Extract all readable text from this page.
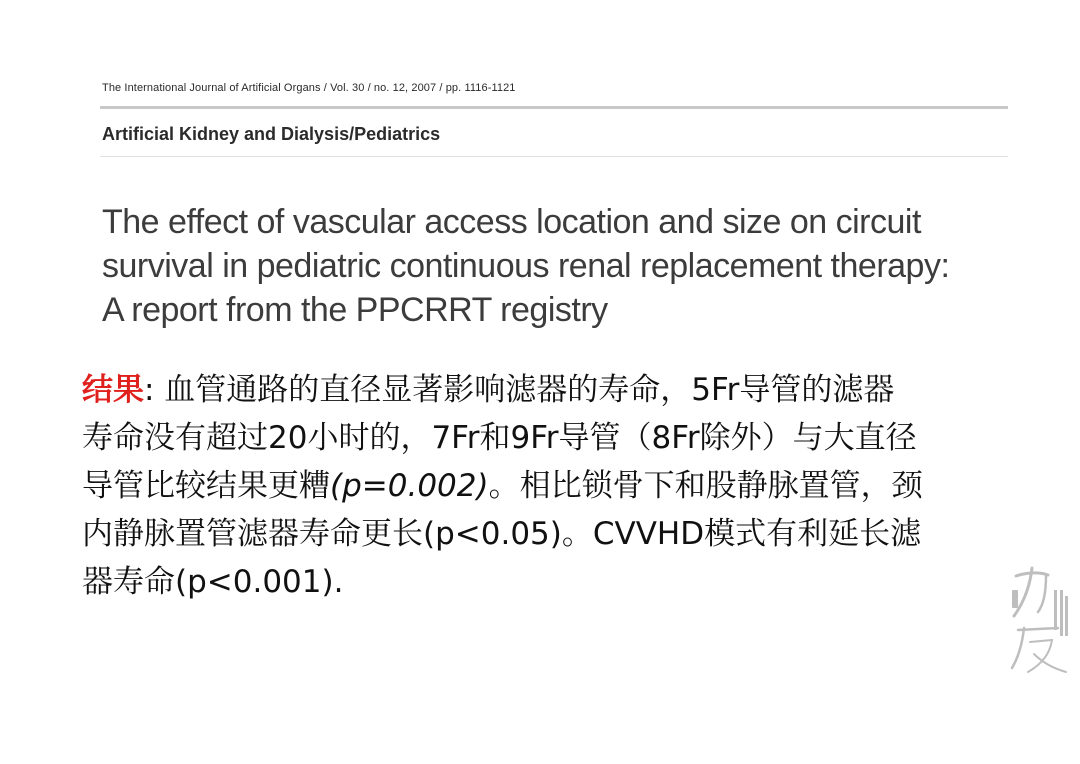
The International Journal of Artificial Organs / Vol. 30 / no. 12, 2007 / pp. 1116-1121
Artificial Kidney and Dialysis/Pediatrics
The effect of vascular access location and size on circuit
survival in pediatric continuous renal replacement therapy:
A report from the PPCRRT registry
结果: 血管通路的直径显著影响滤器的寿命，5Fr导管的滤器
寿命没有超过20小时的，7Fr和9Fr导管（8Fr除外）与大直径
导管比较结果更糟(p=0.002)。相比锁骨下和股静脉置管，颈
内静脉置管滤器寿命更长(p<0.05)。CVVHD模式有利延长滤
器寿命(p<0.001).
